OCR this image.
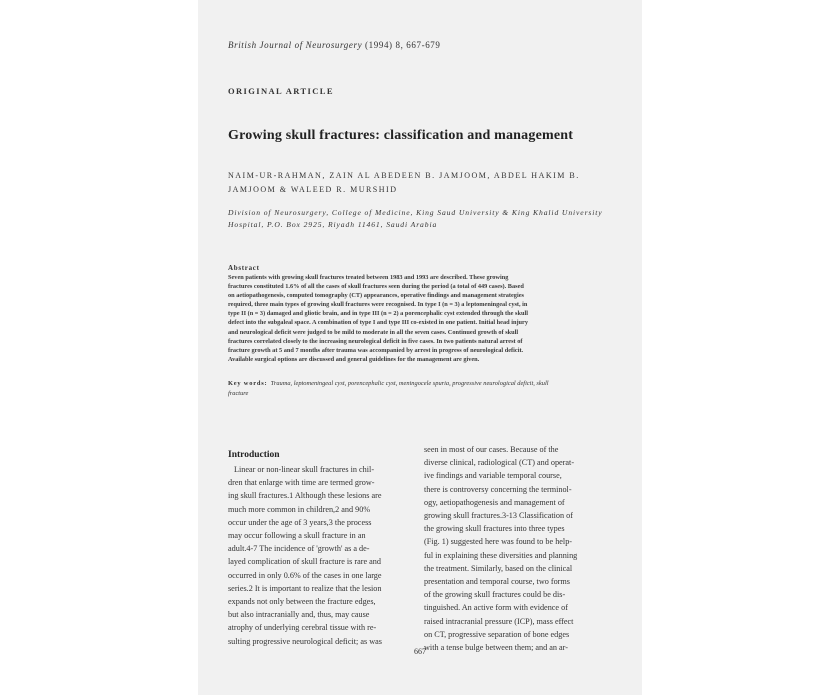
British Journal of Neurosurgery (1994) 8, 667-679
ORIGINAL ARTICLE
Growing skull fractures: classification and management
NAIM-UR-RAHMAN, ZAIN AL ABEDEEN B. JAMJOOM, ABDEL HAKIM B.
JAMJOOM & WALEED R. MURSHID
Division of Neurosurgery, College of Medicine, King Saud University & King Khalid University
Hospital, P.O. Box 2925, Riyadh 11461, Saudi Arabia
Abstract
Seven patients with growing skull fractures treated between 1983 and 1993 are described. These growing
fractures constituted 1.6% of all the cases of skull fractures seen during the period (a total of 449 cases). Based
on aetiopathogenesis, computed tomography (CT) appearances, operative findings and management strategies
required, three main types of growing skull fractures were recognised. In type I (n = 3) a leptomeningeal cyst, in
type II (n = 3) damaged and gliotic brain, and in type III (n = 2) a porencephalic cyst extended through the skull
defect into the subgaleal space. A combination of type I and type III co-existed in one patient. Initial head injury
and neurological deficit were judged to be mild to moderate in all the seven cases. Continued growth of skull
fractures correlated closely to the increasing neurological deficit in five cases. In two patients natural arrest of
fracture growth at 5 and 7 months after trauma was accompanied by arrest in progress of neurological deficit.
Available surgical options are discussed and general guidelines for the management are given.
Key words: Trauma, leptomeningeal cyst, porencephalic cyst, meningocele spuria, progressive neurological deficit, skull
fracture
Introduction
Linear or non-linear skull fractures in chil-
dren that enlarge with time are termed grow-
ing skull fractures.1 Although these lesions are
much more common in children,2 and 90%
occur under the age of 3 years,3 the process
may occur following a skull fracture in an
adult.4-7 The incidence of 'growth' as a de-
layed complication of skull fracture is rare and
occurred in only 0.6% of the cases in one large
series.2 It is important to realize that the lesion
expands not only between the fracture edges,
but also intracranially and, thus, may cause
atrophy of underlying cerebral tissue with re-
sulting progressive neurological deficit; as was
seen in most of our cases. Because of the
diverse clinical, radiological (CT) and operat-
ive findings and variable temporal course,
there is controversy concerning the terminol-
ogy, aetiopathogenesis and management of
growing skull fractures.3-13 Classification of
the growing skull fractures into three types
(Fig. 1) suggested here was found to be help-
ful in explaining these diversities and planning
the treatment. Similarly, based on the clinical
presentation and temporal course, two forms
of the growing skull fractures could be dis-
tinguished. An active form with evidence of
raised intracranial pressure (ICP), mass effect
on CT, progressive separation of bone edges
with a tense bulge between them; and an ar-
667
